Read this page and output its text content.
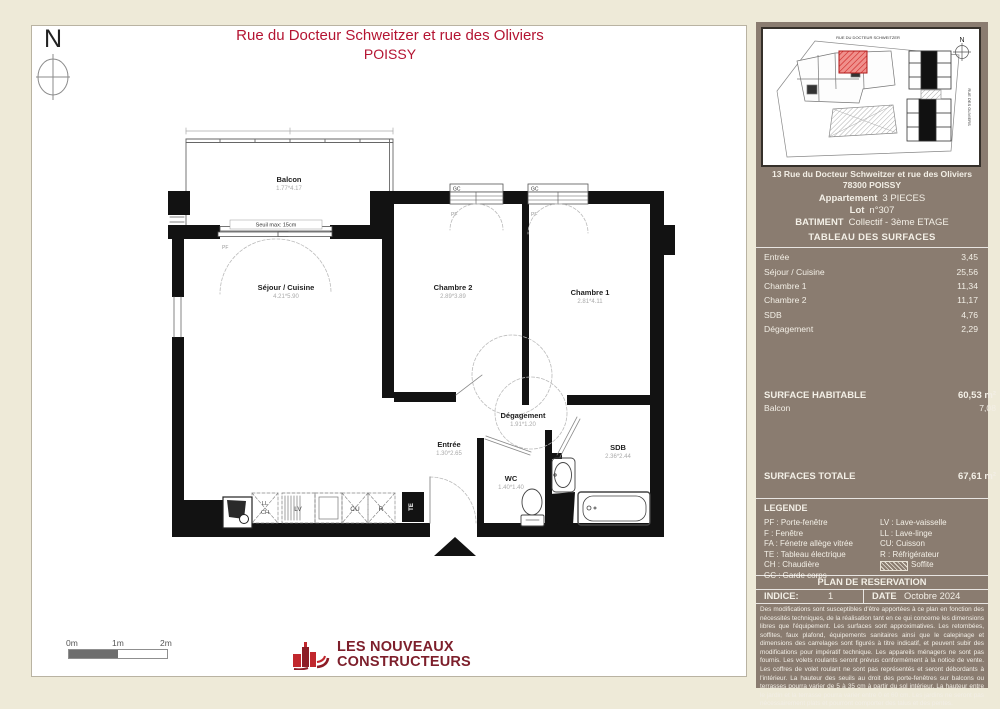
N	Rue du Docteur Schweitzer et rue des Oliviers
POISSY
Seuil max: 15cm
PF
GC
PF
GC
PF
TE
LL
CH	LV	CU	R
Balcon
1.77*4.17
Séjour / Cuisine
4.21*5.90
Chambre 2
2.89*3.89	Chambre 1
2.81*4.11
Dégagement
1.91*1.20
Entrée
1.30*2.65
WC
1.40*1.40
SDB
2.36*2.44
0m	1m	2m	LES NOUVEAUX
CONSTRUCTEURS
RUE DU DOCTEUR SCHWEITZER
RUE DES OLIVIERS
N
13 Rue du Docteur Schweitzer et rue des Oliviers
78300 POISSY
Appartement 3 PIECES
Lot n°307
BATIMENT Collectif - 3ème ETAGE
TABLEAU DES SURFACES
Entrée	3,45
Séjour / Cuisine	25,56
Chambre 1	11,34
Chambre 2	11,17
SDB	4,76
Dégagement	2,29
SURFACE HABITABLE	60,53 m²
Balcon	7,08
SURFACES TOTALE	67,61 m²
LEGENDE
PF : Porte-fenêtre
F : Fenêtre
FA : Fénetre allège vitrée
TE : Tableau électrique
CH : Chaudière
GC : Garde corps
LV : Lave-vaisselle
LL : Lave-linge
CU: Cuisson
R : Réfrigérateur
Soffite
PLAN DE RESERVATION
INDICE:	1	DATE Octobre 2024
Des modifications sont susceptibles d'être apportées à ce plan en fonction des nécessités techniques, de la réalisation tant en ce qui concerne les dimensions libres que l'équipement. Les surfaces sont approximatives. Les retombées, soffites, faux plafond, équipements sanitaires ainsi que le calepinage et dimensions des carrelages sont figurés à titre indicatif, et peuvent subir des modifications pour impératif technique. Les appareils ménagers ne sont pas fournis. Les volets roulants seront prévus conformément à la notice de vente. Les coffres de volet roulant ne sont pas représentés et seront débordants à l'intérieur. La hauteur des seuils au droit des porte-fenêtres sur balcons ou terrasses pourra varier de 5 à 35 cm à partir du sol intérieur. La hauteur entre le jardin et la terrasse pourra varier entre 0 et 60 cm. Les jardins ne seront pas nécessairement plats et pourront comporter des talus et des pentes.
